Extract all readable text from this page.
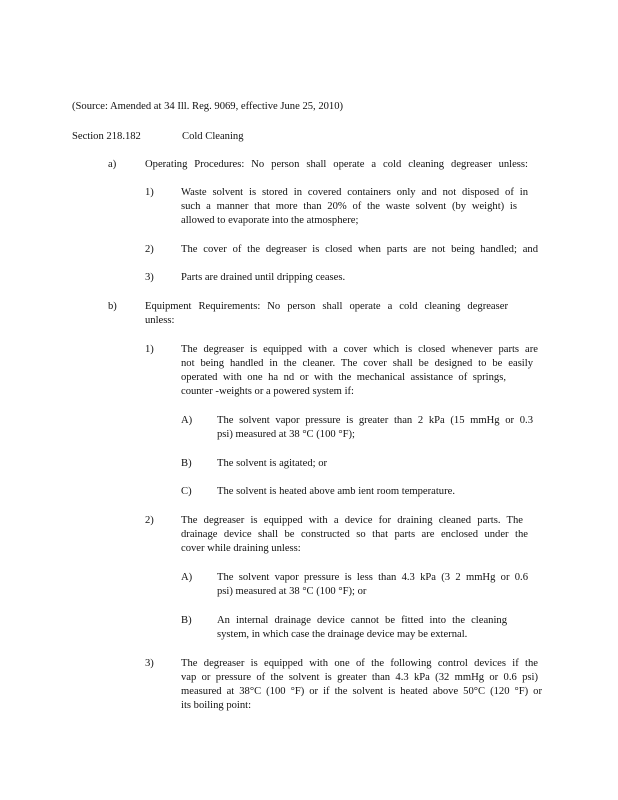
(Source: Amended at 34 Ill. Reg. 9069, effective June 25, 2010)
Section 218.182	Cold Cleaning
a)	Operating Procedures: No person shall operate a cold cleaning degreaser unless:
1)	Waste solvent is stored in covered containers only and not disposed of in
such a manner that more than 20% of the waste solvent (by weight) is
allowed to evaporate into the atmosphere;
2)	The cover of the degreaser is closed when parts are not being handled; and
3)	Parts are drained until dripping ceases.
b)	Equipment Requirements: No person shall operate a cold cleaning degreaser
unless:
1)	The degreaser is equipped with a cover which is closed whenever parts are
not being handled in the cleaner. The cover shall be designed to be easily
operated with one ha nd or with the mechanical assistance of springs,
counter -weights or a powered system if:
A) The solvent vapor pressure is greater than 2 kPa (15 mmHg or 0.3
psi) measured at 38 °C (100 °F);
B) The solvent is agitated; or
C) The solvent is heated above amb ient room temperature.
2)	The degreaser is equipped with a device for draining cleaned parts. The
drainage device shall be constructed so that parts are enclosed under the
cover while draining unless:
A) The solvent vapor pressure is less than 4.3 kPa (3 2 mmHg or 0.6
psi) measured at 38 °C (100 °F); or
B) An internal drainage device cannot be fitted into the cleaning
system, in which case the drainage device may be external.
3)	The degreaser is equipped with one of the following control devices if the
vap or pressure of the solvent is greater than 4.3 kPa (32 mmHg or 0.6 psi)
measured at 38°C (100 °F) or if the solvent is heated above 50°C (120 °F) or
its boiling point:
